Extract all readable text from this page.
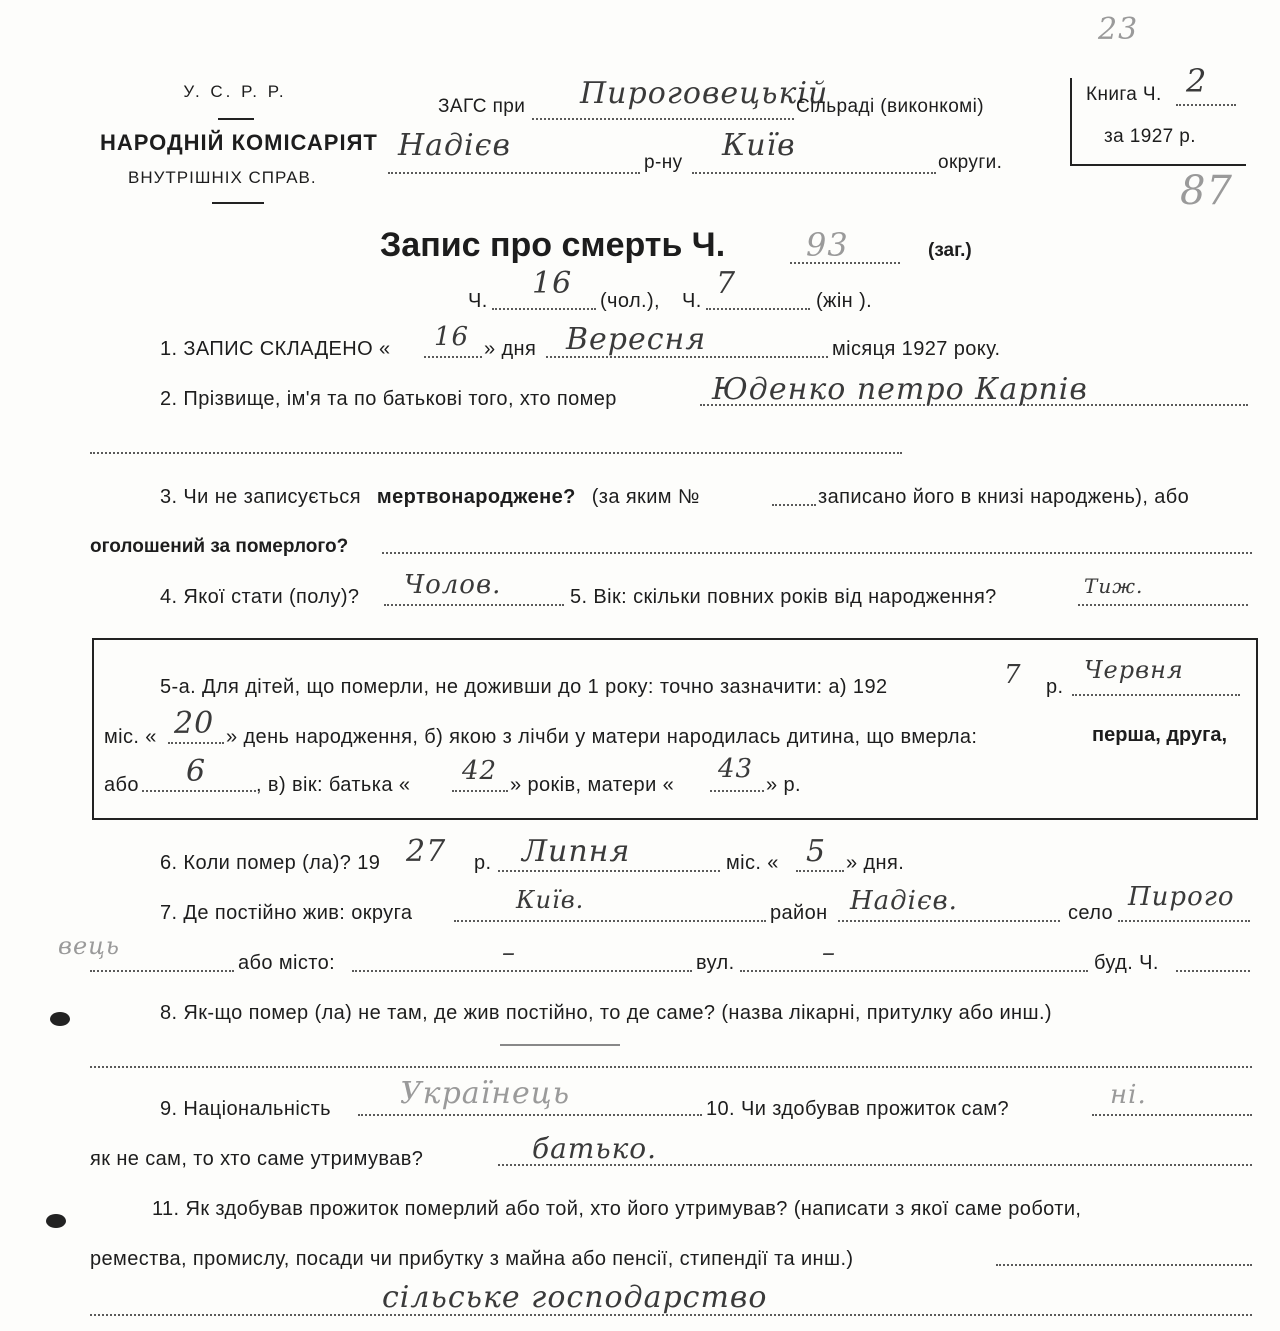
23
87
У. С. Р. Р.
НАРОДНІЙ КОМІСАРІЯТ
ВНУТРІШНІХ СПРАВ.
ЗАГС при Пироговецькій
Сільраді (виконкомі)
Надієв	р-ну Київ	округи.
Книга Ч. 2
за 1927 р.
Запис про смерть Ч.	93	(заг.)
Ч. 16 (чол.), Ч. 7	(жін ).
1. ЗАПИС СКЛАДЕНО « 16 » дня Вересня	місяця 1927 року.
2. Прізвище, ім'я та по батькові того, хто помер	Юденко петро Карпів
3. Чи не записується мертвонароджене? (за яким №	записано його в книзі народжень), або
оголошений за померлого?
4. Якої стати (полу)? Чолов.	5. Вік: скільки повних років від народження?	Тиж.
5-а. Для дітей, що померли, не доживши до 1 року: точно зазначити: а) 192	7 р.
Червня
міс. « 20 » день народження, б) якою з лічби у матери народилась дитина, що вмерла:	перша, друга,
або 6 , в) вік: батька « 42 » років, матери «
43
» р.
6. Коли помер (ла)? 19 27 р. Липня	міс. « 5 » дня.
7. Де постійно жив: округа	Київ.	район Надієв.	село
Пирого
вець
або місто:	–	вул.	–	буд. Ч.
8. Як-що помер (ла) не там, де жив постійно, то де саме? (назва лікарні, притулку або инш.)
9. Національність Українець	10. Чи здобував прожиток сам?	ні.
як не сам, то хто саме утримував?	батько.
11. Як здобував прожиток померлий або той, хто його утримував? (написати з якої саме роботи,
ремества, промислу, посади чи прибутку з майна або пенсії, стипендії та инш.)
сільське господарство
